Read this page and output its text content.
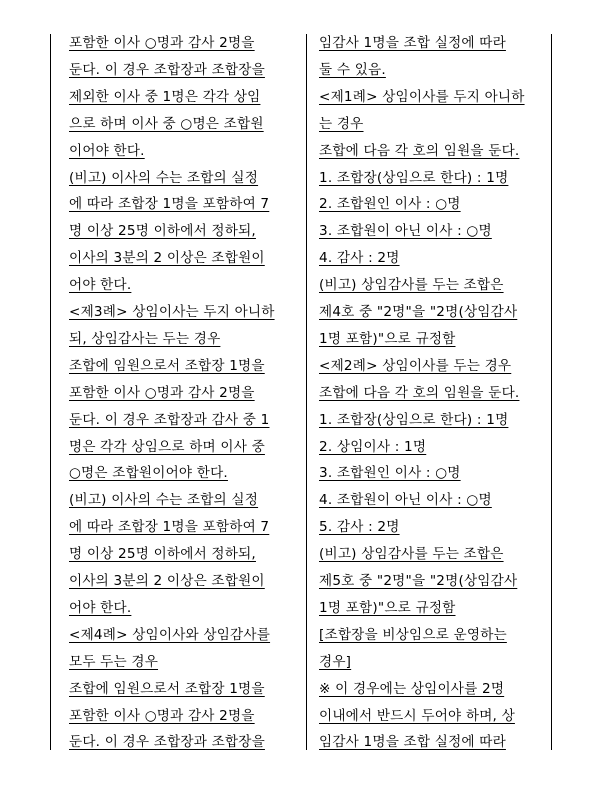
포함한 이사 ○명과 감사 2명을
둔다. 이 경우 조합장과 조합장을
제외한 이사 중 1명은 각각 상임
으로 하며 이사 중 ○명은 조합원
이어야 한다.
(비고) 이사의 수는 조합의 실정
에 따라 조합장 1명을 포함하여 7
명 이상 25명 이하에서 정하되,
이사의 3분의 2 이상은 조합원이
어야 한다.
<제3례> 상임이사는 두지 아니하
되, 상임감사는 두는 경우
조합에 임원으로서 조합장 1명을
포함한 이사 ○명과 감사 2명을
둔다. 이 경우 조합장과 감사 중 1
명은 각각 상임으로 하며 이사 중
○명은 조합원이어야 한다.
(비고) 이사의 수는 조합의 실정
에 따라 조합장 1명을 포함하여 7
명 이상 25명 이하에서 정하되,
이사의 3분의 2 이상은 조합원이
어야 한다.
<제4례> 상임이사와 상임감사를
모두 두는 경우
조합에 임원으로서 조합장 1명을
포함한 이사 ○명과 감사 2명을
둔다. 이 경우 조합장과 조합장을
임감사 1명을 조합 실정에 따라
둘 수 있음.
<제1례> 상임이사를 두지 아니하
는 경우
조합에 다음 각 호의 임원을 둔다.
1. 조합장(상임으로 한다) : 1명
2. 조합원인 이사 : ○명
3. 조합원이 아닌 이사 : ○명
4. 감사 : 2명
(비고) 상임감사를 두는 조합은
제4호 중 "2명"을 "2명(상임감사
1명 포함)"으로 규정함
<제2례> 상임이사를 두는 경우
조합에 다음 각 호의 임원을 둔다.
1. 조합장(상임으로 한다) : 1명
2. 상임이사 : 1명
3. 조합원인 이사 : ○명
4. 조합원이 아닌 이사 : ○명
5. 감사 : 2명
(비고) 상임감사를 두는 조합은
제5호 중 "2명"을 "2명(상임감사
1명 포함)"으로 규정함
[조합장을 비상임으로 운영하는
경우]
※ 이 경우에는 상임이사를 2명
이내에서 반드시 두어야 하며, 상
임감사 1명을 조합 실정에 따라
